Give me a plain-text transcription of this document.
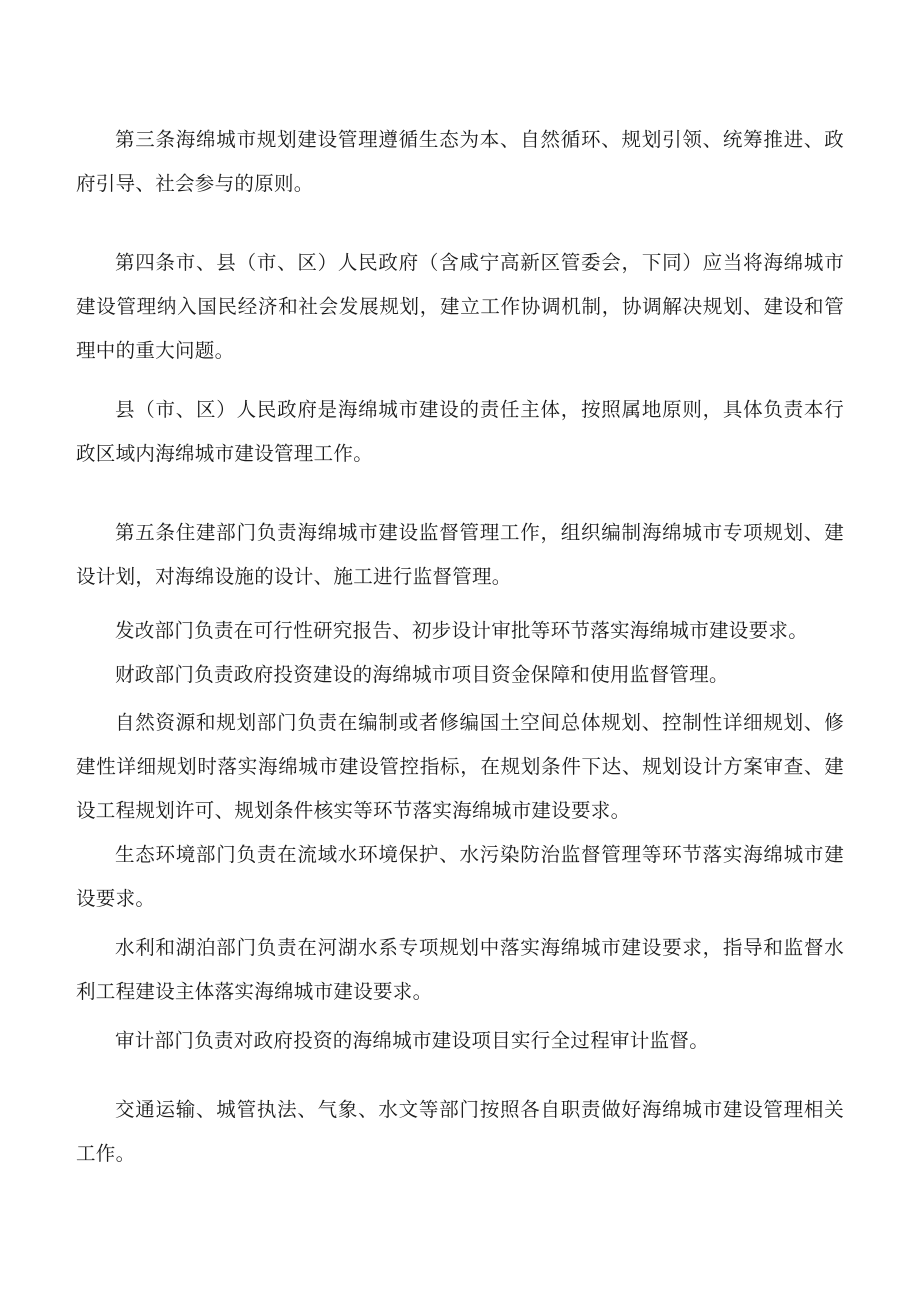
第三条海绵城市规划建设管理遵循生态为本、自然循环、规划引领、统筹推进、政府引导、社会参与的原则。

第四条市、县（市、区）人民政府（含咸宁高新区管委会，下同）应当将海绵城市建设管理纳入国民经济和社会发展规划，建立工作协调机制，协调解决规划、建设和管理中的重大问题。

县（市、区）人民政府是海绵城市建设的责任主体，按照属地原则，具体负责本行政区域内海绵城市建设管理工作。

第五条住建部门负责海绵城市建设监督管理工作，组织编制海绵城市专项规划、建设计划，对海绵设施的设计、施工进行监督管理。

发改部门负责在可行性研究报告、初步设计审批等环节落实海绵城市建设要求。

财政部门负责政府投资建设的海绵城市项目资金保障和使用监督管理。

自然资源和规划部门负责在编制或者修编国土空间总体规划、控制性详细规划、修建性详细规划时落实海绵城市建设管控指标，在规划条件下达、规划设计方案审查、建设工程规划许可、规划条件核实等环节落实海绵城市建设要求。

生态环境部门负责在流域水环境保护、水污染防治监督管理等环节落实海绵城市建设要求。

水利和湖泊部门负责在河湖水系专项规划中落实海绵城市建设要求，指导和监督水利工程建设主体落实海绵城市建设要求。

审计部门负责对政府投资的海绵城市建设项目实行全过程审计监督。

交通运输、城管执法、气象、水文等部门按照各自职责做好海绵城市建设管理相关工作。
